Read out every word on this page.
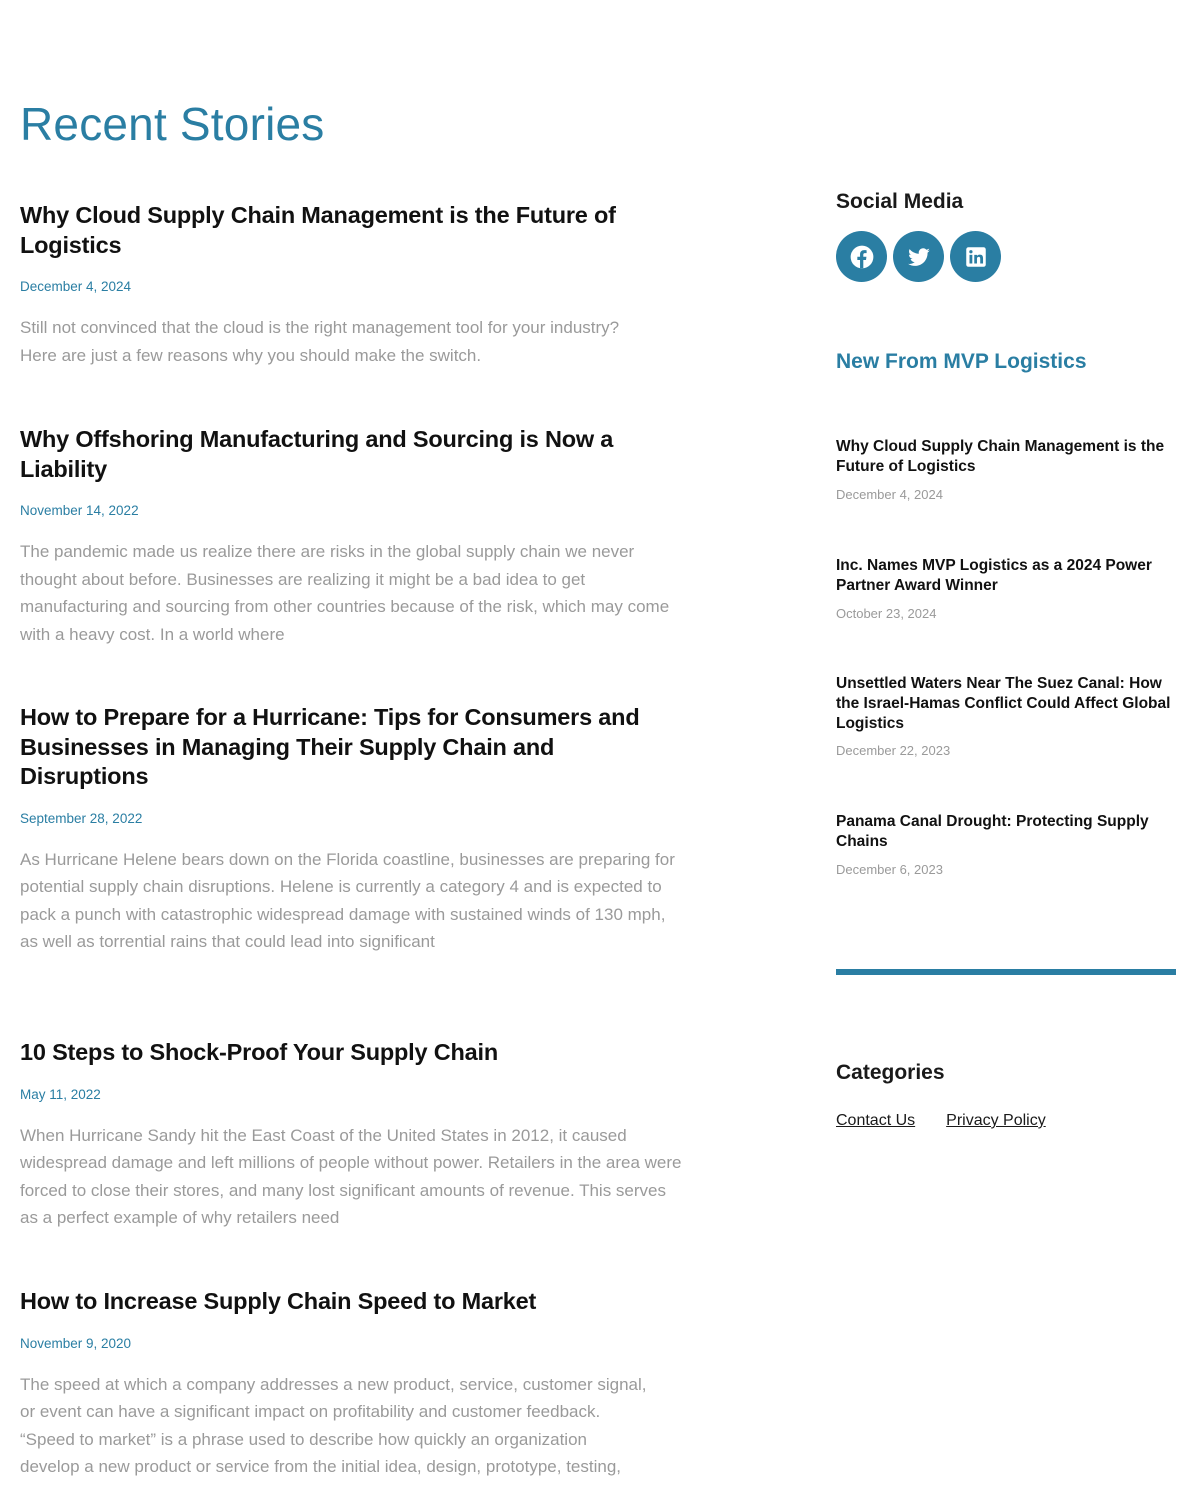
Recent Stories
Why Cloud Supply Chain Management is the Future of Logistics
December 4, 2024

Still not convinced that the cloud is the right management tool for your industry? Here are just a few reasons why you should make the switch.

Why Offshoring Manufacturing and Sourcing is Now a Liability
November 14, 2022

The pandemic made us realize there are risks in the global supply chain we never thought about before. Businesses are realizing it might be a bad idea to get manufacturing and sourcing from other countries because of the risk, which may come with a heavy cost. In a world where

How to Prepare for a Hurricane: Tips for Consumers and Businesses in Managing Their Supply Chain and Disruptions
September 28, 2022

As Hurricane Helene bears down on the Florida coastline, businesses are preparing for potential supply chain disruptions. Helene is currently a category 4 and is expected to pack a punch with catastrophic widespread damage with sustained winds of 130 mph, as well as torrential rains that could lead into significant

10 Steps to Shock-Proof Your Supply Chain
May 11, 2022

When Hurricane Sandy hit the East Coast of the United States in 2012, it caused widespread damage and left millions of people without power. Retailers in the area were forced to close their stores, and many lost significant amounts of revenue. This serves as a perfect example of why retailers need

How to Increase Supply Chain Speed to Market
November 9, 2020

The speed at which a company addresses a new product, service, customer signal, or event can have a significant impact on profitability and customer feedback. “Speed to market” is a phrase used to describe how quickly an organization develop a new product or service from the initial idea, design, prototype, testing,

Social Media
New From MVP Logistics
Why Cloud Supply Chain Management is the Future of Logistics
December 4, 2024
Inc. Names MVP Logistics as a 2024 Power Partner Award Winner
October 23, 2024
Unsettled Waters Near The Suez Canal: How the Israel-Hamas Conflict Could Affect Global Logistics
December 22, 2023
Panama Canal Drought: Protecting Supply Chains
December 6, 2023
Categories
Contact Us Privacy Policy
